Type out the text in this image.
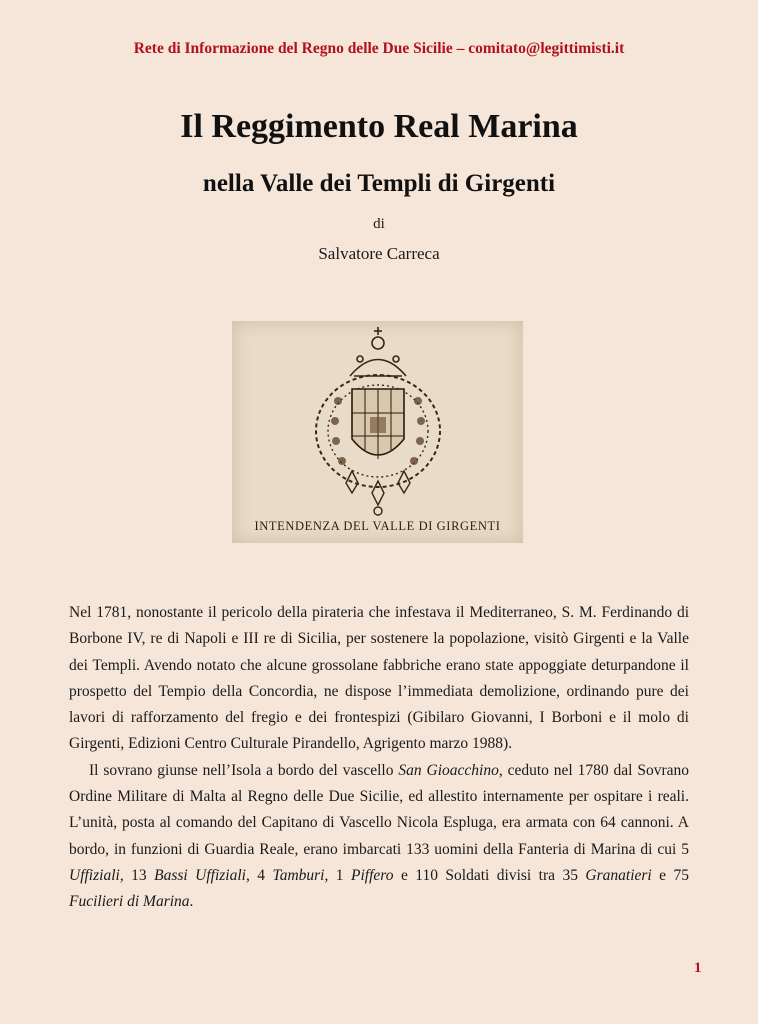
Rete di Informazione del Regno delle Due Sicilie – comitato@legittimisti.it
Il Reggimento Real Marina
nella Valle dei Templi di Girgenti
di
Salvatore Carreca
INTENDENZA DEL VALLE DI GIRGENTI

Nel 1781, nonostante il pericolo della pirateria che infestava il Mediterraneo, S. M. Ferdinando di Borbone IV, re di Napoli e III re di Sicilia, per sostenere la popolazione, visitò Girgenti e la Valle dei Templi. Avendo notato che alcune grossolane fabbriche erano state appoggiate deturpandone il prospetto del Tempio della Concordia, ne dispose l’immediata demolizione, ordinando pure dei lavori di rafforzamento del fregio e dei frontespizi (Gibilaro Giovanni, I Borboni e il molo di Girgenti, Edizioni Centro Culturale Pirandello, Agrigento marzo 1988).

Il sovrano giunse nell’Isola a bordo del vascello San Gioacchino, ceduto nel 1780 dal Sovrano Ordine Militare di Malta al Regno delle Due Sicilie, ed allestito internamente per ospitare i reali. L’unità, posta al comando del Capitano di Vascello Nicola Espluga, era armata con 64 cannoni. A bordo, in funzioni di Guardia Reale, erano imbarcati 133 uomini della Fanteria di Marina di cui 5 Uffiziali, 13 Bassi Uffiziali, 4 Tamburi, 1 Piffero e 110 Soldati divisi tra 35 Granatieri e 75 Fucilieri di Marina.

1
